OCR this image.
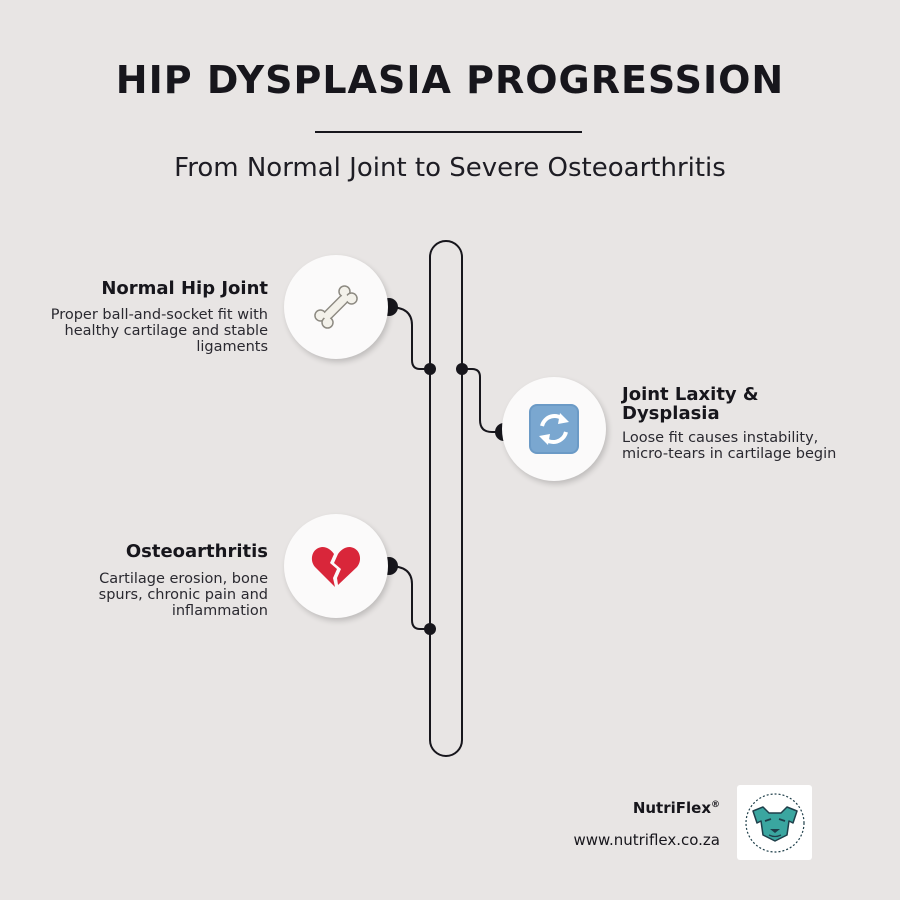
HIP DYSPLASIA PROGRESSION
From Normal Joint to Severe Osteoarthritis
Normal Hip Joint
Proper ball-and-socket fit with healthy cartilage and stable ligaments
Joint Laxity & Dysplasia
Loose fit causes instability, micro-tears in cartilage begin
Osteoarthritis
Cartilage erosion, bone spurs, chronic pain and inflammation
NutriFlex®
www.nutriflex.co.za
